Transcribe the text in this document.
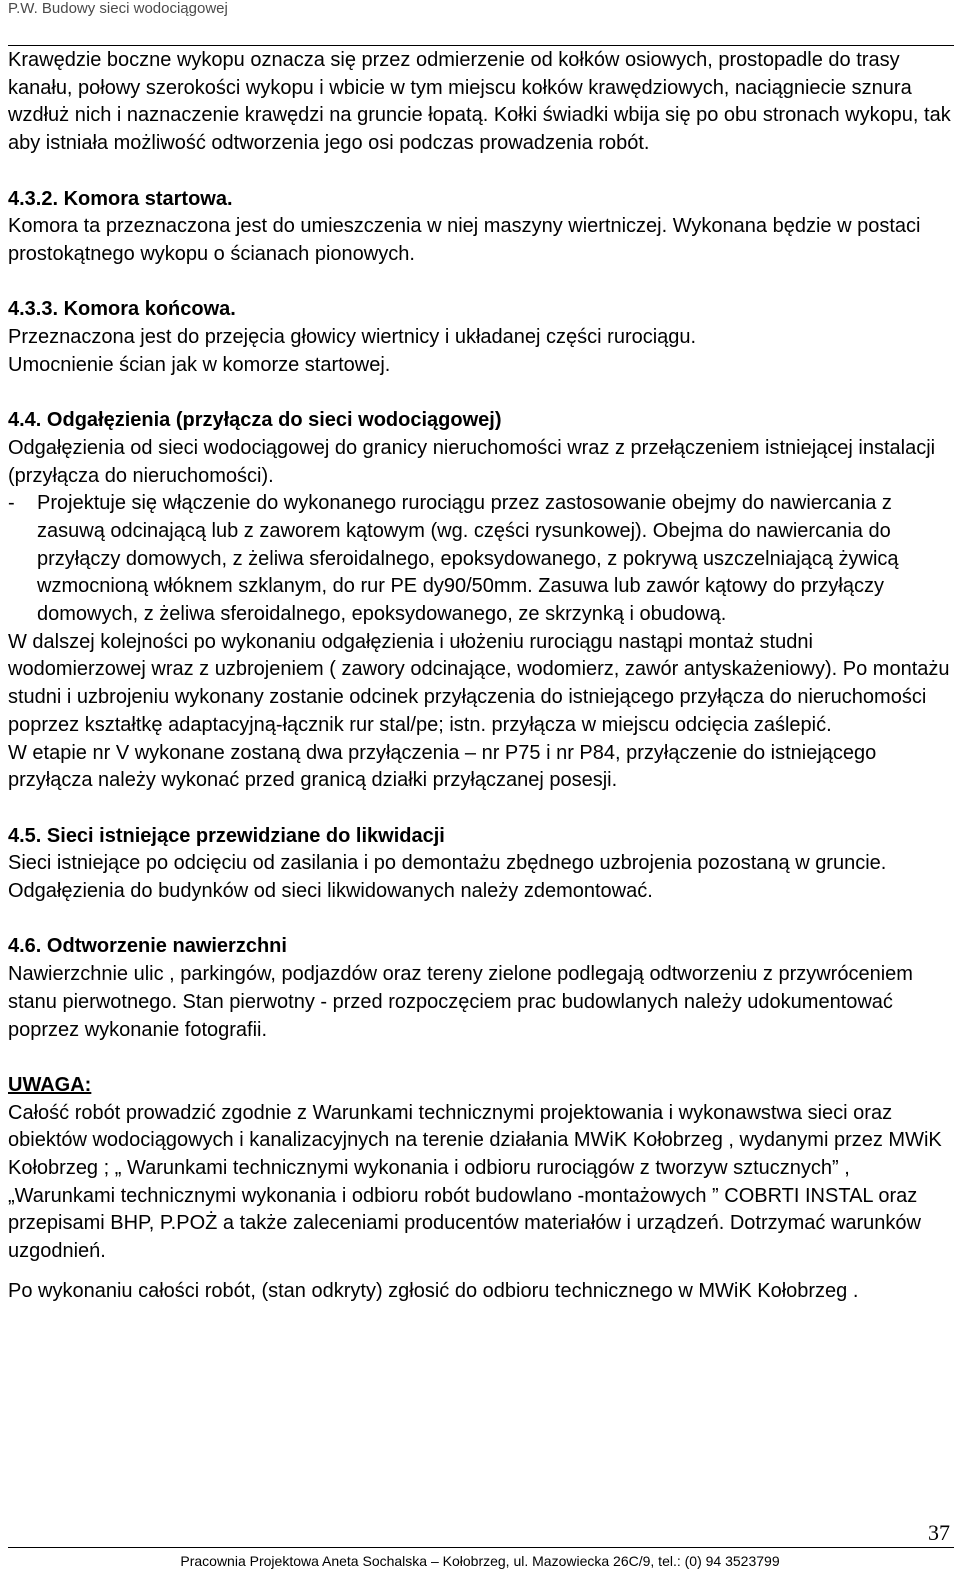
P.W. Budowy sieci wodociągowej

Krawędzie boczne wykopu oznacza się przez odmierzenie od kołków osiowych, prostopadle do trasy kanału, połowy szerokości wykopu i wbicie w tym miejscu kołków krawędziowych, naciągniecie sznura wzdłuż nich i naznaczenie krawędzi na gruncie łopatą. Kołki świadki wbija się po obu stronach wykopu, tak aby istniała możliwość odtworzenia jego osi podczas prowadzenia robót.

4.3.2. Komora startowa.

Komora ta przeznaczona jest do umieszczenia w niej maszyny wiertniczej. Wykonana będzie w postaci prostokątnego wykopu o ścianach pionowych.

4.3.3. Komora końcowa.

Przeznaczona jest do przejęcia głowicy wiertnicy i układanej części rurociągu.

Umocnienie ścian jak w komorze startowej.

4.4. Odgałęzienia (przyłącza do sieci wodociągowej)

Odgałęzienia od sieci wodociągowej do granicy nieruchomości wraz z przełączeniem istniejącej instalacji (przyłącza do nieruchomości).

- Projektuje się włączenie do wykonanego rurociągu przez zastosowanie obejmy do nawiercania z zasuwą odcinającą lub z zaworem kątowym (wg. części rysunkowej). Obejma do nawiercania do przyłączy domowych, z żeliwa sferoidalnego, epoksydowanego, z pokrywą uszczelniającą żywicą wzmocnioną włóknem szklanym, do rur PE dy90/50mm. Zasuwa lub zawór kątowy do przyłączy domowych, z żeliwa sferoidalnego, epoksydowanego, ze skrzynką i obudową.

W dalszej kolejności po wykonaniu odgałęzienia i ułożeniu rurociągu nastąpi montaż studni wodomierzowej wraz z uzbrojeniem ( zawory odcinające, wodomierz, zawór antyskażeniowy). Po montażu studni i uzbrojeniu wykonany zostanie odcinek przyłączenia do istniejącego przyłącza do nieruchomości poprzez kształtkę adaptacyjną-łącznik rur stal/pe; istn. przyłącza w miejscu odcięcia zaślepić.

W etapie nr V wykonane zostaną dwa przyłączenia – nr P75 i nr P84, przyłączenie do istniejącego przyłącza należy wykonać przed granicą działki przyłączanej posesji.

4.5. Sieci istniejące przewidziane do likwidacji

Sieci istniejące po odcięciu od zasilania i po demontażu zbędnego uzbrojenia pozostaną w gruncie. Odgałęzienia do budynków od sieci likwidowanych należy zdemontować.

4.6. Odtworzenie nawierzchni

Nawierzchnie ulic , parkingów, podjazdów oraz tereny zielone podlegają odtworzeniu z przywróceniem stanu pierwotnego. Stan pierwotny - przed rozpoczęciem prac budowlanych należy udokumentować poprzez wykonanie fotografii.

UWAGA:

Całość robót prowadzić zgodnie z Warunkami technicznymi projektowania i wykonawstwa sieci oraz obiektów wodociągowych i kanalizacyjnych na terenie działania MWiK Kołobrzeg , wydanymi przez MWiK Kołobrzeg ; „ Warunkami technicznymi wykonania i odbioru rurociągów z tworzyw sztucznych” , „Warunkami technicznymi wykonania i odbioru robót budowlano -montażowych ” COBRTI INSTAL oraz przepisami BHP, P.POŻ a także zaleceniami producentów materiałów i urządzeń. Dotrzymać warunków uzgodnień.

Po wykonaniu całości robót, (stan odkryty) zgłosić do odbioru technicznego w MWiK Kołobrzeg .

37
Pracownia Projektowa Aneta Sochalska – Kołobrzeg, ul. Mazowiecka 26C/9, tel.: (0) 94 3523799
